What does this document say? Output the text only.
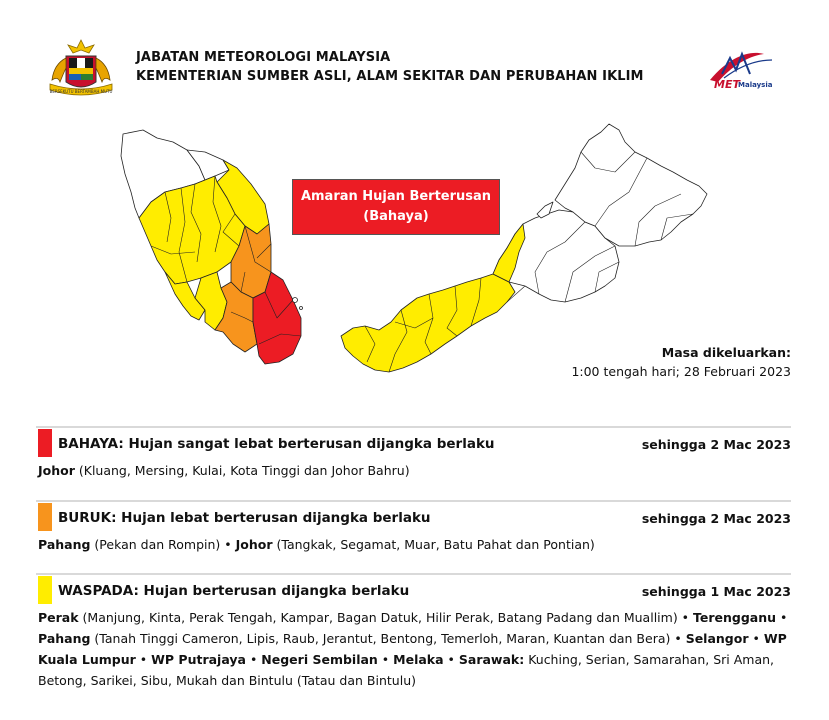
BERSEKUTU BERTAMBAH MUTU
JABATAN METEOROLOGI MALAYSIA
KEMENTERIAN SUMBER ASLI, ALAM SEKITAR DAN PERUBAHAN IKLIM
MET
Malaysia
Amaran Hujan Berterusan
(Bahaya)
Masa dikeluarkan:
1:00 tengah hari; 28 Februari 2023
BAHAYA: Hujan sangat lebat berterusan dijangka berlaku	sehingga 2 Mac 2023
Johor (Kluang, Mersing, Kulai, Kota Tinggi dan Johor Bahru)
BURUK: Hujan lebat berterusan dijangka berlaku	sehingga 2 Mac 2023
Pahang (Pekan dan Rompin) • Johor (Tangkak, Segamat, Muar, Batu Pahat dan Pontian)
WASPADA: Hujan berterusan dijangka berlaku	sehingga 1 Mac 2023
Perak (Manjung, Kinta, Perak Tengah, Kampar, Bagan Datuk, Hilir Perak, Batang Padang dan Muallim) • Terengganu • Pahang (Tanah Tinggi Cameron, Lipis, Raub, Jerantut, Bentong, Temerloh, Maran, Kuantan dan Bera) • Selangor • WP Kuala Lumpur • WP Putrajaya • Negeri Sembilan • Melaka • Sarawak: Kuching, Serian, Samarahan, Sri Aman, Betong, Sarikei, Sibu, Mukah dan Bintulu (Tatau dan Bintulu)
